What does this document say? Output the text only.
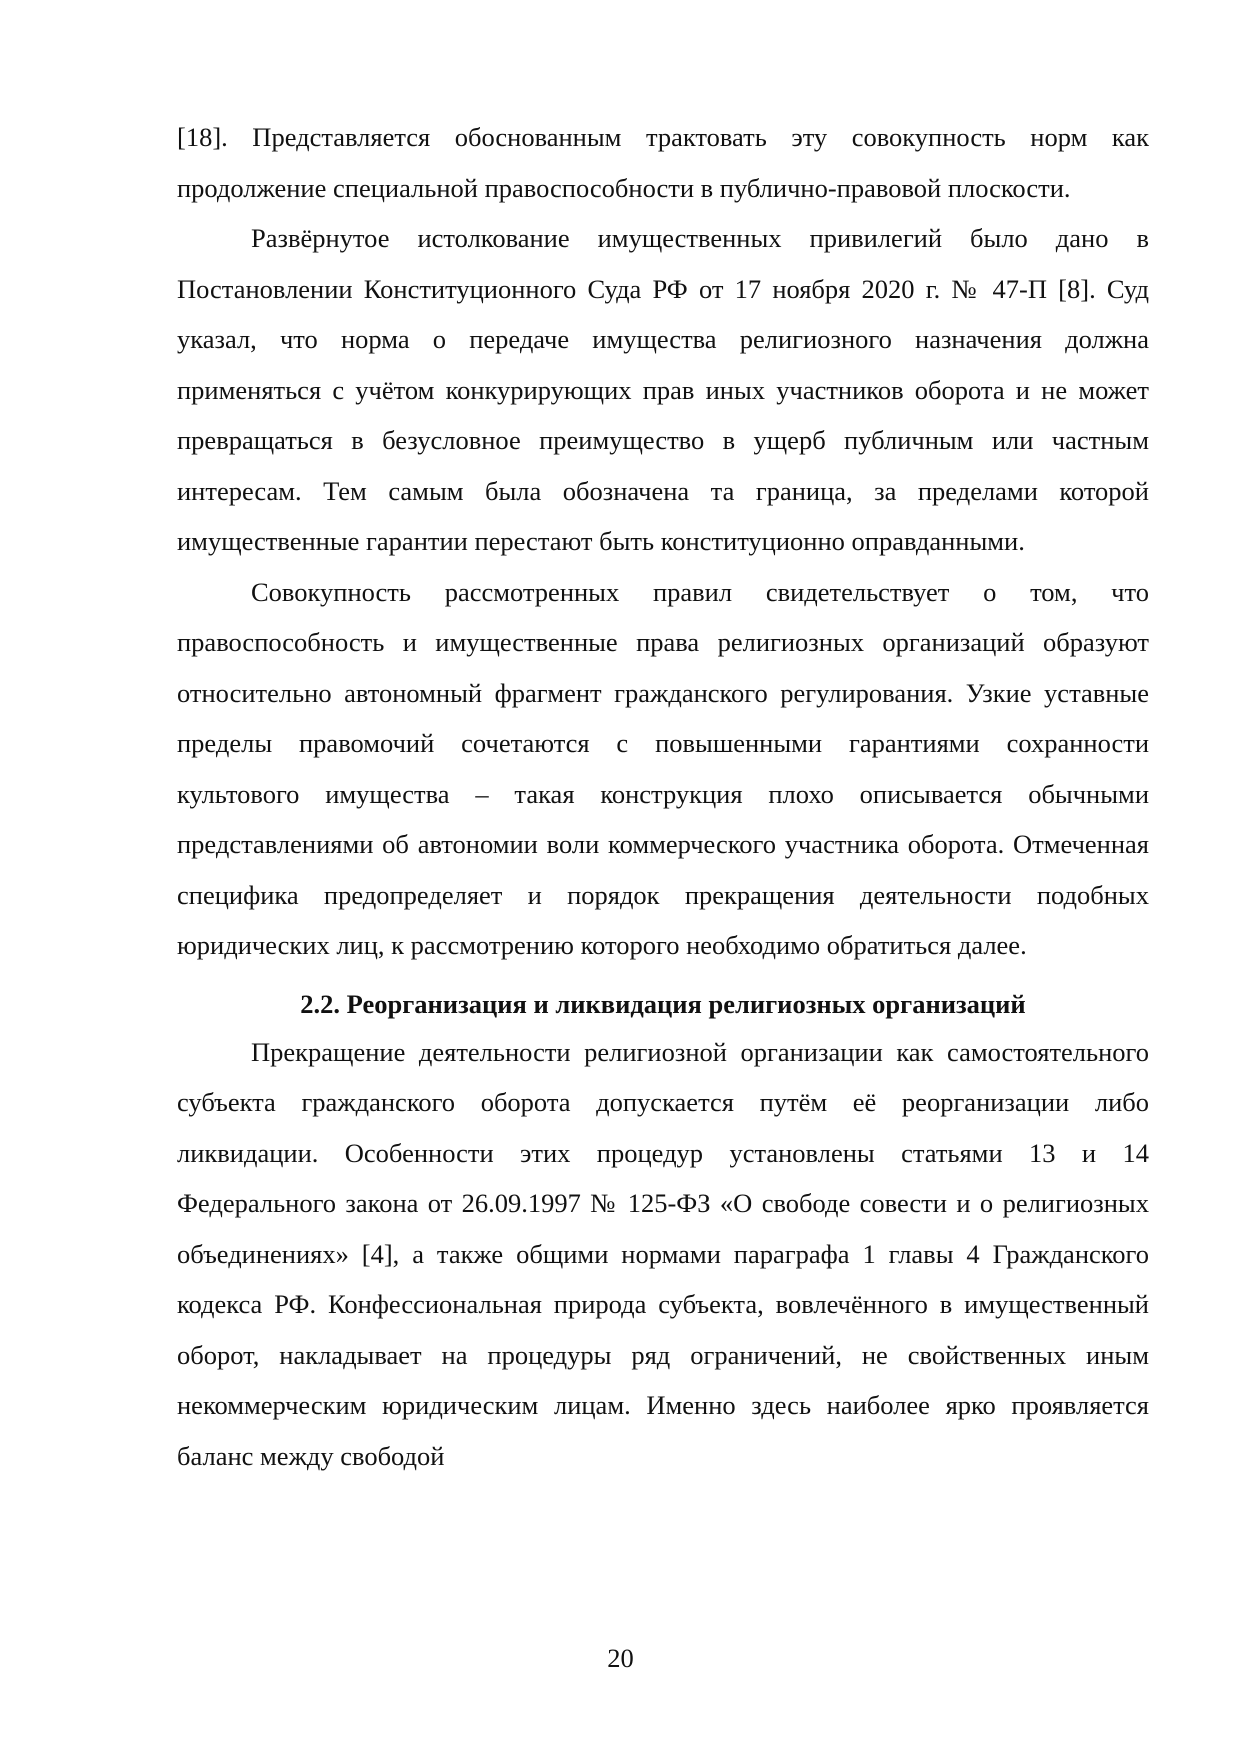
[18]. Представляется обоснованным трактовать эту совокупность норм как продолжение специальной правоспособности в публично-правовой плоскости.

Развёрнутое истолкование имущественных привилегий было дано в Постановлении Конституционного Суда РФ от 17 ноября 2020 г. № 47-П [8]. Суд указал, что норма о передаче имущества религиозного назначения должна применяться с учётом конкурирующих прав иных участников оборота и не может превращаться в безусловное преимущество в ущерб публичным или частным интересам. Тем самым была обозначена та граница, за пределами которой имущественные гарантии перестают быть конституционно оправданными.

Совокупность рассмотренных правил свидетельствует о том, что правоспособность и имущественные права религиозных организаций образуют относительно автономный фрагмент гражданского регулирования. Узкие уставные пределы правомочий сочетаются с повышенными гарантиями сохранности культового имущества – такая конструкция плохо описывается обычными представлениями об автономии воли коммерческого участника оборота. Отмеченная специфика предопределяет и порядок прекращения деятельности подобных юридических лиц, к рассмотрению которого необходимо обратиться далее.

2.2. Реорганизация и ликвидация религиозных организаций

Прекращение деятельности религиозной организации как самостоятельного субъекта гражданского оборота допускается путём её реорганизации либо ликвидации. Особенности этих процедур установлены статьями 13 и 14 Федерального закона от 26.09.1997 № 125-ФЗ «О свободе совести и о религиозных объединениях» [4], а также общими нормами параграфа 1 главы 4 Гражданского кодекса РФ. Конфессиональная природа субъекта, вовлечённого в имущественный оборот, накладывает на процедуры ряд ограничений, не свойственных иным некоммерческим юридическим лицам. Именно здесь наиболее ярко проявляется баланс между свободой

20
